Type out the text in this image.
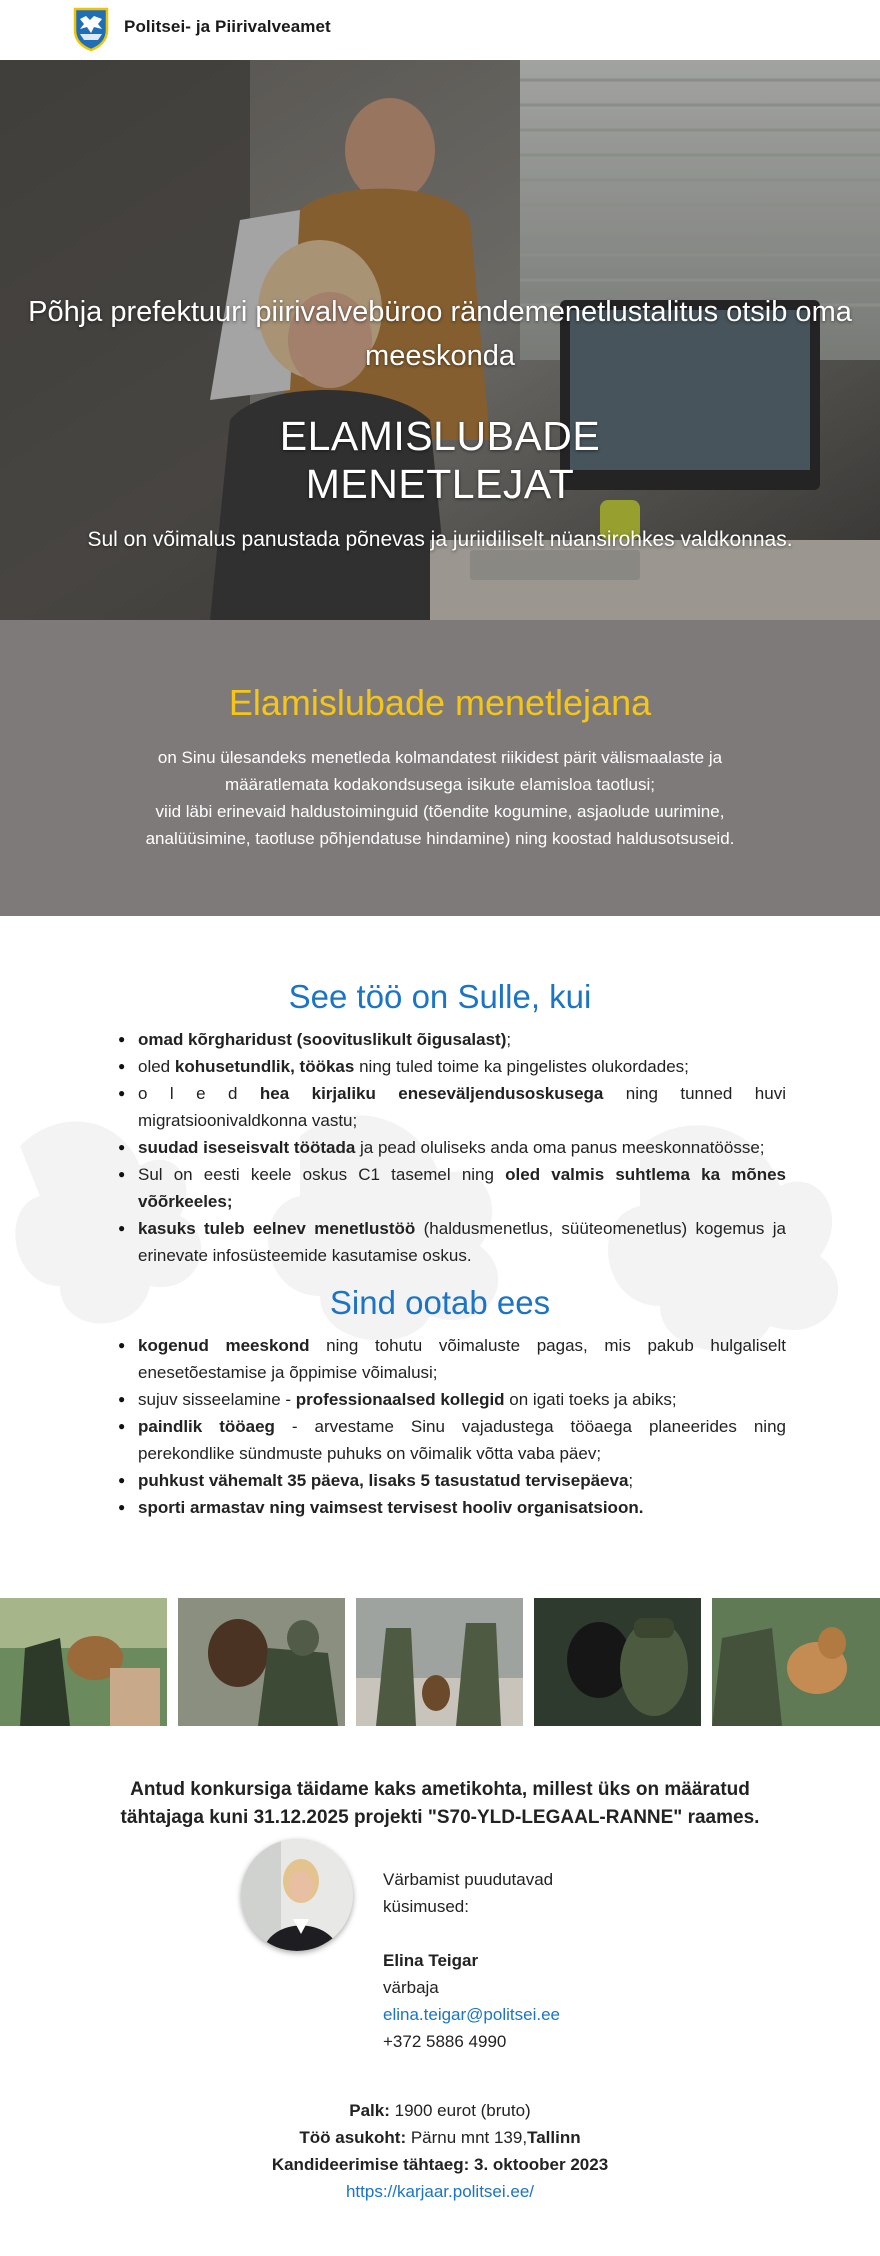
Politsei- ja Piirivalveamet
Põhja prefektuuri piirivalvebüroo rändemenetlustalitus otsib oma meeskonda
ELAMISLUBADE
MENETLEJAT
Sul on võimalus panustada põnevas ja juriidiliselt nüansirohkes valdkonnas.
Elamislubade menetlejana
on Sinu ülesandeks menetleda kolmandatest riikidest pärit välismaalaste ja
määratlemata kodakondsusega isikute elamisloa taotlusi;
viid läbi erinevaid haldustoiminguid (tõendite kogumine, asjaolude uurimine,
analüüsimine, taotluse põhjendatuse hindamine) ning koostad haldusotsuseid.
See töö on Sulle, kui
● omad kõrgharidust (soovituslikult õigusalast);
● oled kohusetundlik, töökas ning tuled toime ka pingelistes olukordades;
● o l e d hea kirjaliku eneseväljendusoskusega ning tunned huvi migratsioonivaldkonna vastu;
● suudad iseseisvalt töötada ja pead oluliseks anda oma panus meeskonnatöösse;
● Sul on eesti keele oskus C1 tasemel ning oled valmis suhtlema ka mõnes võõrkeeles;
● kasuks tuleb eelnev menetlustöö (haldusmenetlus, süüteomenetlus) kogemus ja erinevate infosüsteemide kasutamise oskus.
Sind ootab ees
● kogenud meeskond ning tohutu võimaluste pagas, mis pakub hulgaliselt enesetõestamise ja õppimise võimalusi;
● sujuv sisseelamine - professionaalsed kollegid on igati toeks ja abiks;
● paindlik tööaeg - arvestame Sinu vajadustega tööaega planeerides ning perekondlike sündmuste puhuks on võimalik võtta vaba päev;
● puhkust vähemalt 35 päeva, lisaks 5 tasustatud tervisepäeva;
● sporti armastav ning vaimsest tervisest hooliv organisatsioon.
Antud konkursiga täidame kaks ametikohta, millest üks on määratud
tähtajaga kuni 31.12.2025 projekti "S70-YLD-LEGAAL-RANNE" raames.
Värbamist puudutavad
küsimused:
Elina Teigar
värbaja
elina.teigar@politsei.ee
+372 5886 4990
Palk: 1900 eurot (bruto)
Töö asukoht: Pärnu mnt 139,Tallinn
Kandideerimise tähtaeg: 3. oktoober 2023
https://karjaar.politsei.ee/
